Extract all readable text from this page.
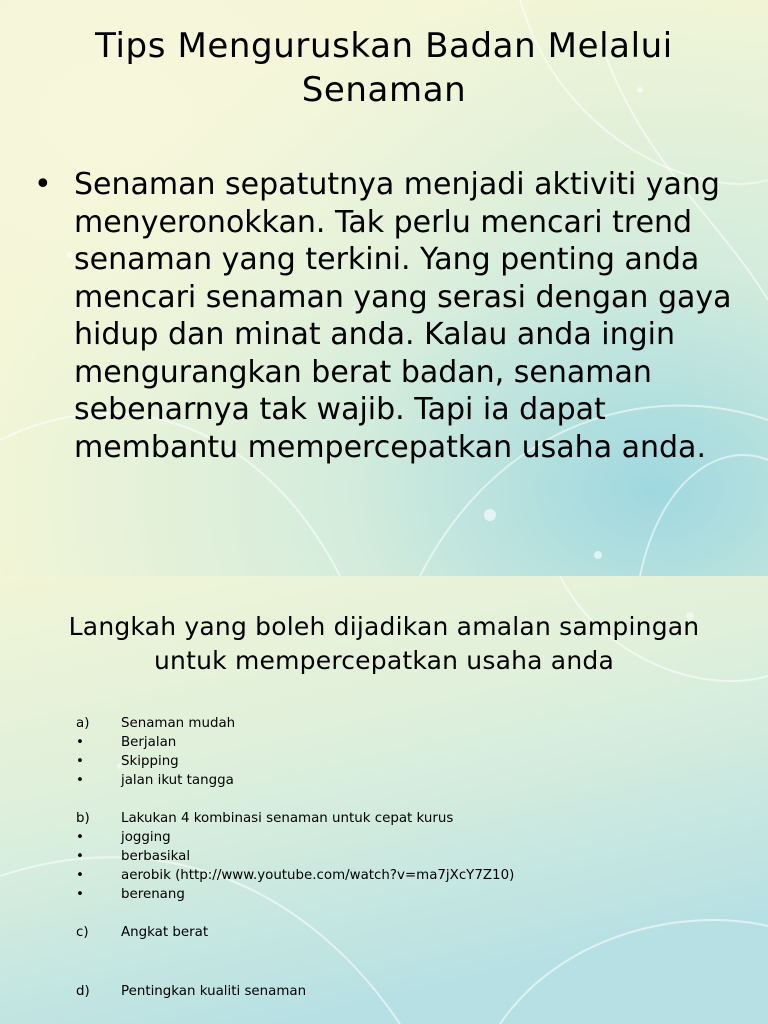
Tips Menguruskan Badan Melalui Senaman
• Senaman sepatutnya menjadi aktiviti yang menyeronokkan. Tak perlu mencari trend senaman yang terkini. Yang penting anda mencari senaman yang serasi dengan gaya hidup dan minat anda. Kalau anda ingin mengurangkan berat badan, senaman sebenarnya tak wajib. Tapi ia dapat membantu mempercepatkan usaha anda.
Langkah yang boleh dijadikan amalan sampingan untuk mempercepatkan usaha anda
a) Senaman mudah
•	Berjalan
•	Skipping
•	jalan ikut tangga
b) Lakukan 4 kombinasi senaman untuk cepat kurus
•	jogging
•	berbasikal
•	aerobik (http://www.youtube.com/watch?v=ma7jXcY7Z10)
•	berenang
c) Angkat berat
d) Pentingkan kualiti senaman
